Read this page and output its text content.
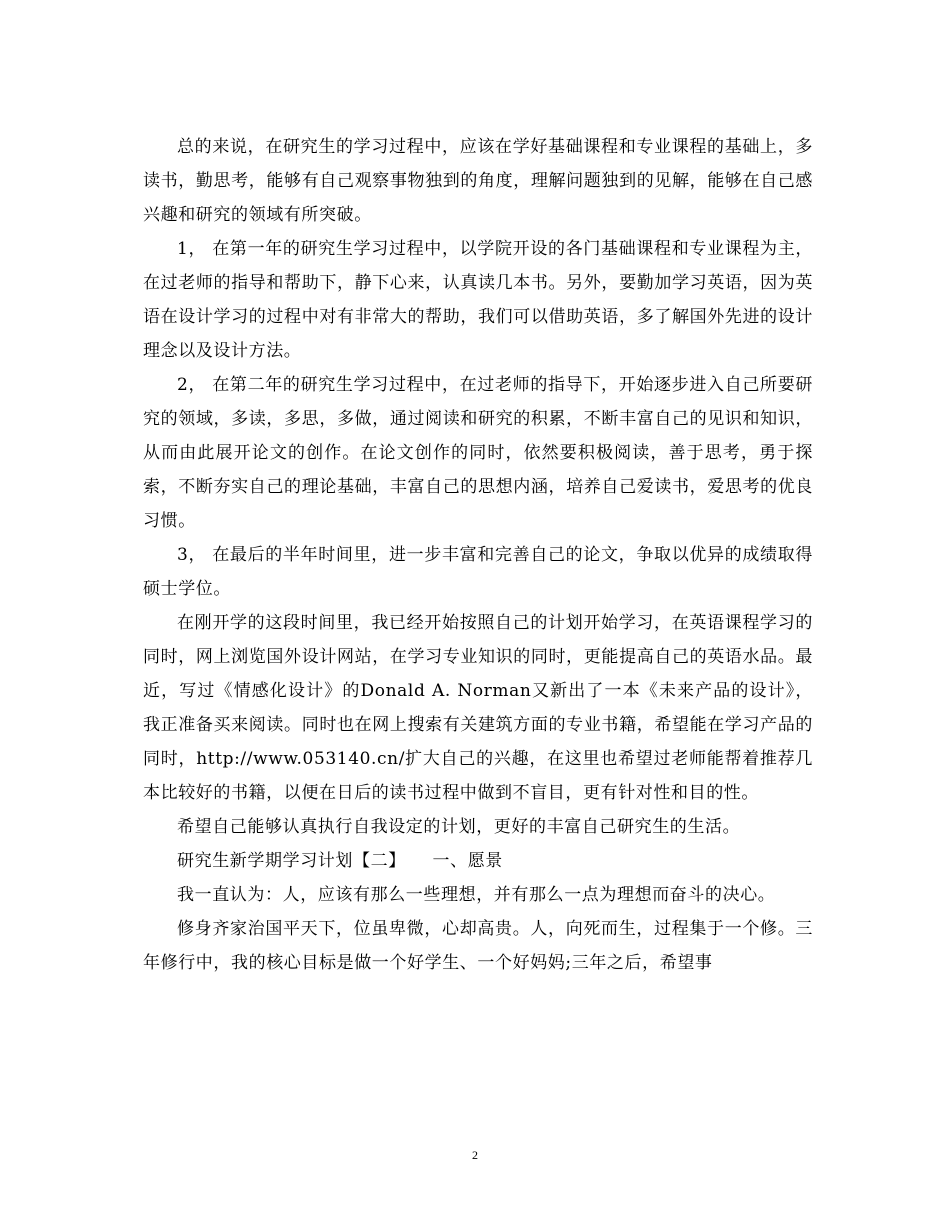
总的来说，在研究生的学习过程中，应该在学好基础课程和专业课程的基础上，多读书，勤思考，能够有自己观察事物独到的角度，理解问题独到的见解，能够在自己感兴趣和研究的领域有所突破。

1， 在第一年的研究生学习过程中，以学院开设的各门基础课程和专业课程为主，在过老师的指导和帮助下，静下心来，认真读几本书。另外，要勤加学习英语，因为英语在设计学习的过程中对有非常大的帮助，我们可以借助英语，多了解国外先进的设计理念以及设计方法。

2， 在第二年的研究生学习过程中，在过老师的指导下，开始逐步进入自己所要研究的领域，多读，多思，多做，通过阅读和研究的积累，不断丰富自己的见识和知识，从而由此展开论文的创作。在论文创作的同时，依然要积极阅读，善于思考，勇于探索，不断夯实自己的理论基础，丰富自己的思想内涵，培养自己爱读书，爱思考的优良习惯。

3， 在最后的半年时间里，进一步丰富和完善自己的论文，争取以优异的成绩取得硕士学位。

在刚开学的这段时间里，我已经开始按照自己的计划开始学习，在英语课程学习的同时，网上浏览国外设计网站，在学习专业知识的同时，更能提高自己的英语水品。最近，写过《情感化设计》的Donald A. Norman又新出了一本《未来产品的设计》，我正准备买来阅读。同时也在网上搜索有关建筑方面的专业书籍，希望能在学习产品的同时，http://www.053140.cn/扩大自己的兴趣，在这里也希望过老师能帮着推荐几本比较好的书籍，以便在日后的读书过程中做到不盲目，更有针对性和目的性。

希望自己能够认真执行自我设定的计划，更好的丰富自己研究生的生活。

研究生新学期学习计划【二】　　一、愿景

我一直认为：人，应该有那么一些理想，并有那么一点为理想而奋斗的决心。

修身齐家治国平天下，位虽卑微，心却高贵。人，向死而生，过程集于一个修。三年修行中，我的核心目标是做一个好学生、一个好妈妈;三年之后，希望事

2
